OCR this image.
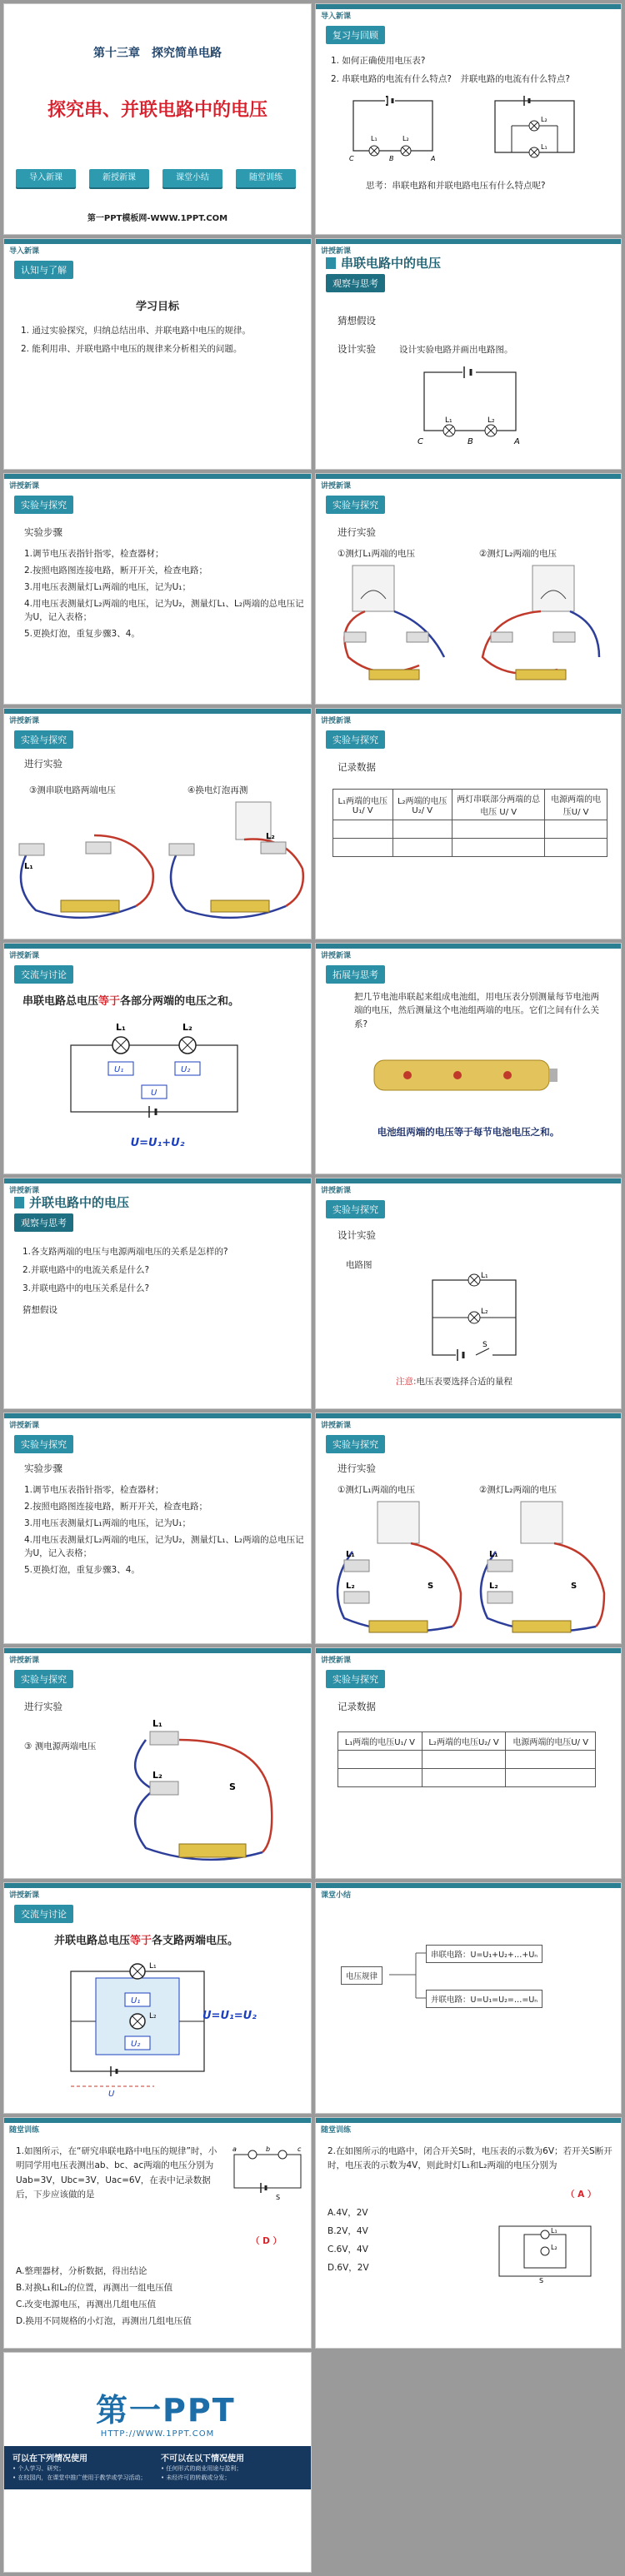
第十三章　探究简单电路
探究串、并联电路中的电压
导入新课	新授新课	课堂小结	随堂训练
第一PPT模板网-WWW.1PPT.COM
导入新课
复习与回顾
1. 如何正确使用电压表?
2. 串联电路的电流有什么特点?　并联电路的电流有什么特点?
L₁	L₂
C	B	A
L₂
L₁
思考：串联电路和并联电路电压有什么特点呢?
导入新课
认知与了解
学习目标
1. 通过实验探究，归纳总结出串、并联电路中电压的规律。
2. 能利用串、并联电路中电压的规律来分析相关的问题。
讲授新课
串联电路中的电压
观察与思考
猜想假设
设计实验	设计实验电路并画出电路图。
C	B	A
L₁	L₂
讲授新课
实验与探究
实验步骤
1.调节电压表指针指零，检查器材；
2.按照电路图连接电路，断开开关，检查电路；
3.用电压表测量灯L₁两端的电压，记为U₁；
4.用电压表测量灯L₂两端的电压，记为U₂，测量灯L₁、L₂两端的总电压记为U，记入表格；
5.更换灯泡，重复步骤3、4。
讲授新课
实验与探究
进行实验
①测灯L₁两端的电压	②测灯L₂两端的电压
讲授新课
实验与探究
进行实验
③测串联电路两端电压	④换电灯泡再测
L₁
L₂
讲授新课
实验与探究
记录数据
L₁两端的电压U₁/ V	L₂两端的电压U₂/ V	两灯串联部分两端的总电压 U/ V	电源两端的电压U/ V

讲授新课
交流与讨论
串联电路总电压等于各部分两端的电压之和。
L₁	L₂
U₁	U₂
U
U=U₁+U₂
讲授新课
拓展与思考
把几节电池串联起来组成电池组，用电压表分别测量每节电池两端的电压，然后测量这个电池组两端的电压。它们之间有什么关系?
电池组两端的电压等于每节电池电压之和。
讲授新课
并联电路中的电压
观察与思考
1.各支路两端的电压与电源两端电压的关系是怎样的?
2.并联电路中的电流关系是什么?
3.并联电路中的电压关系是什么?
猜想假设
讲授新课
实验与探究
设计实验
电路图
L₁
L₂
S
注意:电压表要选择合适的量程
讲授新课
实验与探究
实验步骤
1.调节电压表指针指零，检查器材；
2.按照电路图连接电路，断开开关，检查电路；
3.用电压表测量灯L₁两端的电压，记为U₁；
4.用电压表测量灯L₂两端的电压，记为U₂，测量灯L₁、L₂两端的总电压记为U，记入表格；
5.更换灯泡，重复步骤3、4。
讲授新课
实验与探究
进行实验
①测灯L₁两端的电压	②测灯L₂两端的电压
L₁
L₂	S
L₁
L₂	S
讲授新课
实验与探究
进行实验
③ 测电源两端电压
L₁
L₂
S
讲授新课
实验与探究
记录数据
L₁两端的电压U₁/ V	L₂两端的电压U₂/ V	电源两端的电压U/ V

讲授新课
交流与讨论
并联电路总电压等于各支路两端电压。
U₁
U₂
U
L₁
L₂	U=U₁=U₂
课堂小结
电压规律
串联电路：U=U₁+U₂+…+Uₙ
并联电路：U=U₁=U₂=…=Uₙ
随堂训练
1.如图所示，在“研究串联电路中电压的规律”时，小明同学用电压表测出ab、bc、ac两端的电压分别为Uab=3V，Ubc=3V，Uac=6V，在表中记录数据后，下步应该做的是
（ D ）
a	b	c
S
A.整理器材，分析数据，得出结论
B.对换L₁和L₂的位置，再测出一组电压值
C.改变电源电压，再测出几组电压值
D.换用不同规格的小灯泡，再测出几组电压值
随堂训练
2.在如图所示的电路中，闭合开关S时，电压表的示数为6V；若开关S断开时，电压表的示数为4V，则此时灯L₁和L₂两端的电压分别为
（ A ）
A.4V，2V
B.2V，4V
C.6V，4V
D.6V，2V
L₁
L₂
S
第一PPT
HTTP://WWW.1PPT.COM
可以在下列情况使用
• 个人学习、研究；
• 在校园内，在课堂中推广使用于教学或学习活动；
不可以在以下情况使用
• 任何形式的商业用途与盈利；
• 未经许可的转载或分发；
